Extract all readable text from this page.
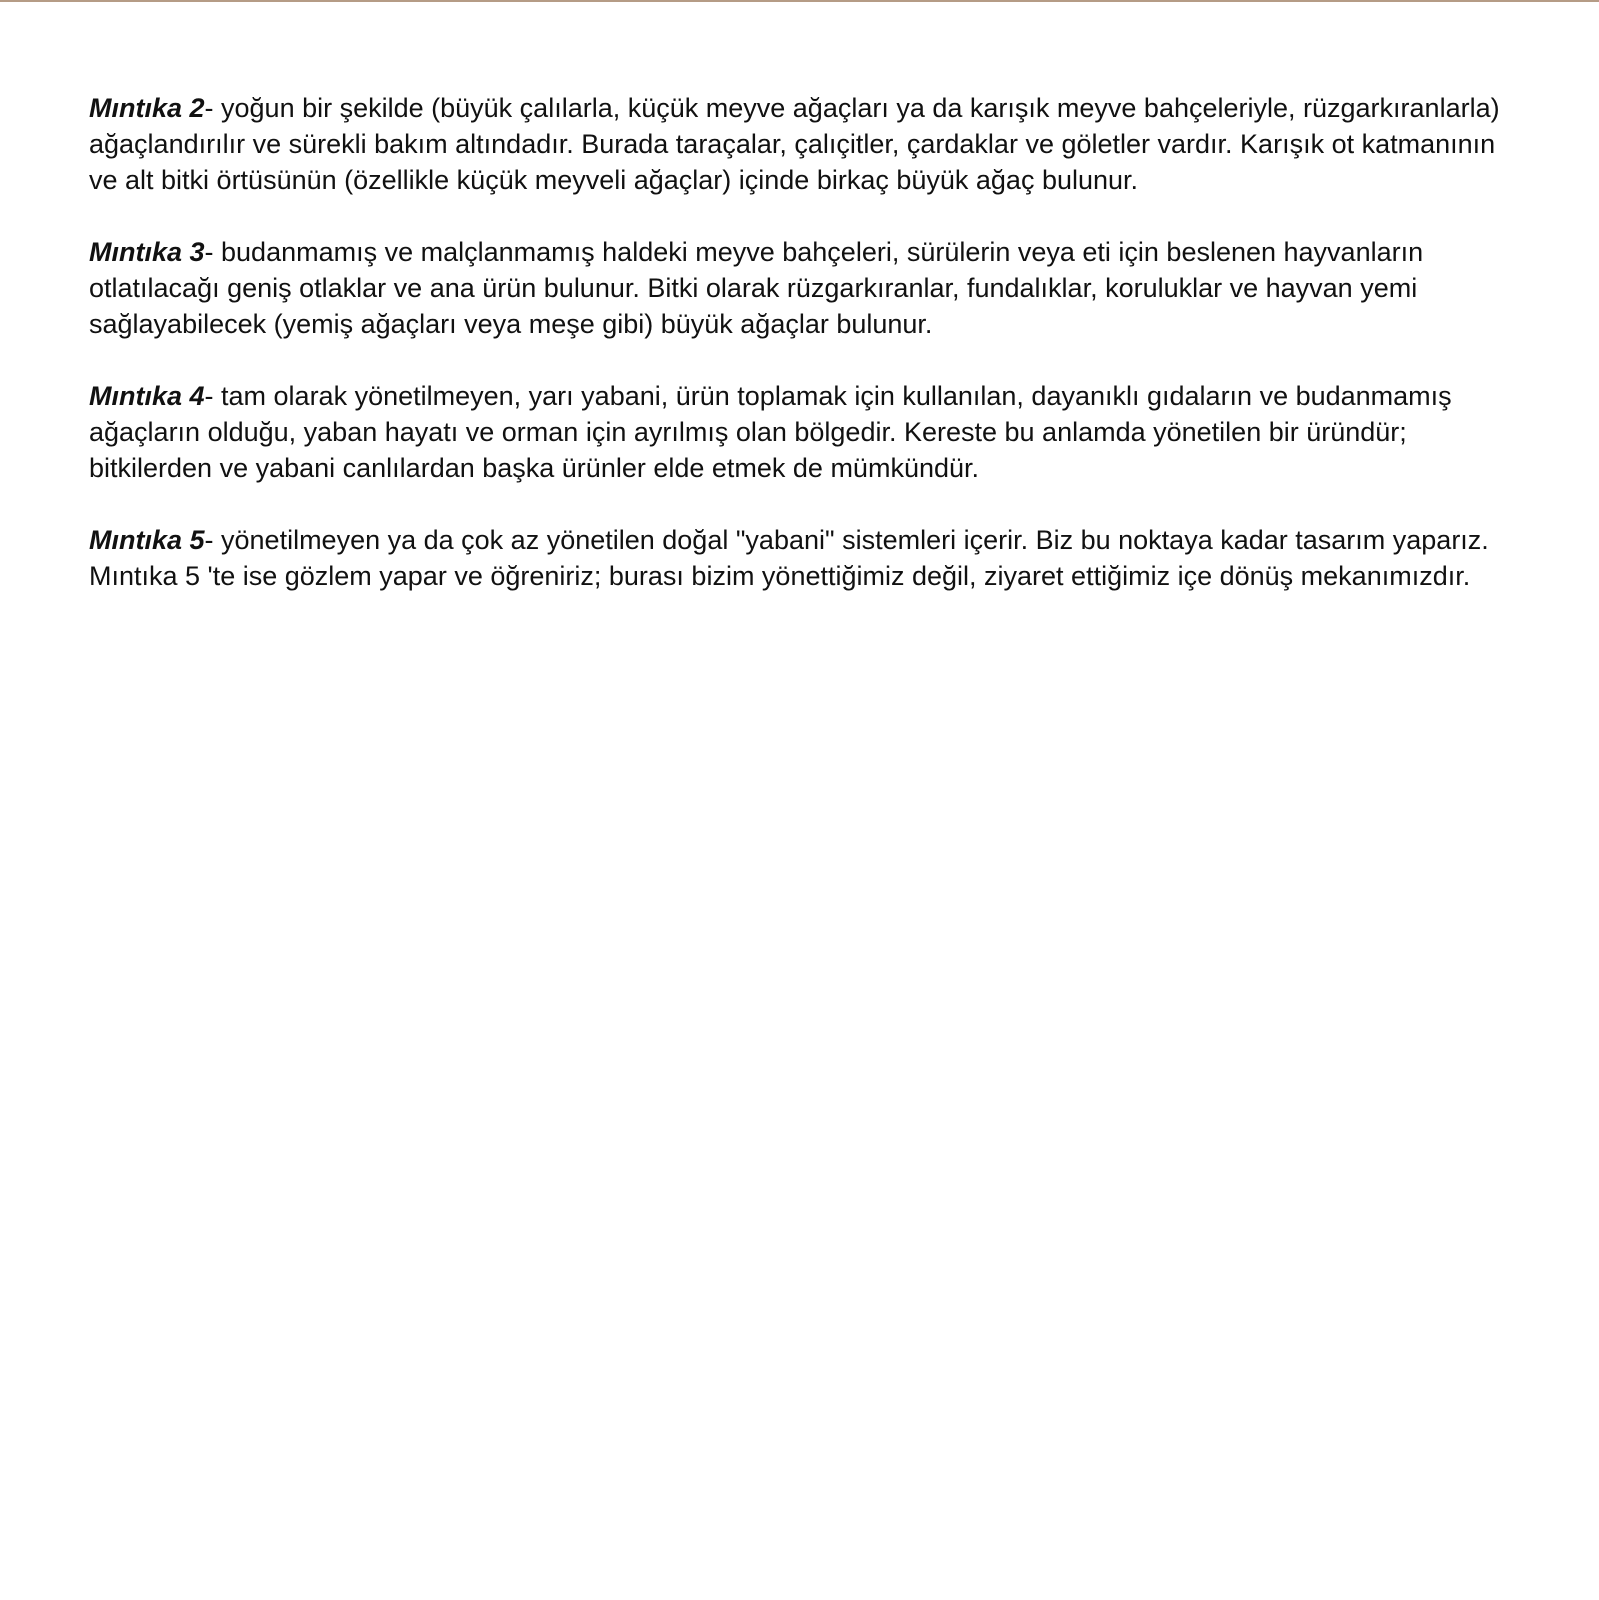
Mıntıka 2- yoğun bir şekilde (büyük çalılarla, küçük meyve ağaçları ya da karışık meyve bahçeleriyle, rüzgarkıranlarla) ağaçlandırılır ve sürekli bakım altındadır. Burada taraçalar, çalıçitler, çardaklar ve göletler vardır. Karışık ot katmanının ve alt bitki örtüsünün (özellikle küçük meyveli ağaçlar) içinde birkaç büyük ağaç bulunur.

Mıntıka 3- budanmamış ve malçlanmamış haldeki meyve bahçeleri, sürülerin veya eti için beslenen hayvanların otlatılacağı geniş otlaklar ve ana ürün bulunur. Bitki olarak rüzgarkıranlar, fundalıklar, koruluklar ve hayvan yemi sağlayabilecek (yemiş ağaçları veya meşe gibi) büyük ağaçlar bulunur.

Mıntıka 4- tam olarak yönetilmeyen, yarı yabani, ürün toplamak için kullanılan, dayanıklı gıdaların ve budanmamış ağaçların olduğu, yaban hayatı ve orman için ayrılmış olan bölgedir. Kereste bu anlamda yönetilen bir üründür; bitkilerden ve yabani canlılardan başka ürünler elde etmek de mümkündür.

Mıntıka 5- yönetilmeyen ya da çok az yönetilen doğal "yabani" sistemleri içerir. Biz bu noktaya kadar tasarım yaparız. Mıntıka 5 'te ise gözlem yapar ve öğreniriz; burası bizim yönettiğimiz değil, ziyaret ettiğimiz içe dönüş mekanımızdır.
